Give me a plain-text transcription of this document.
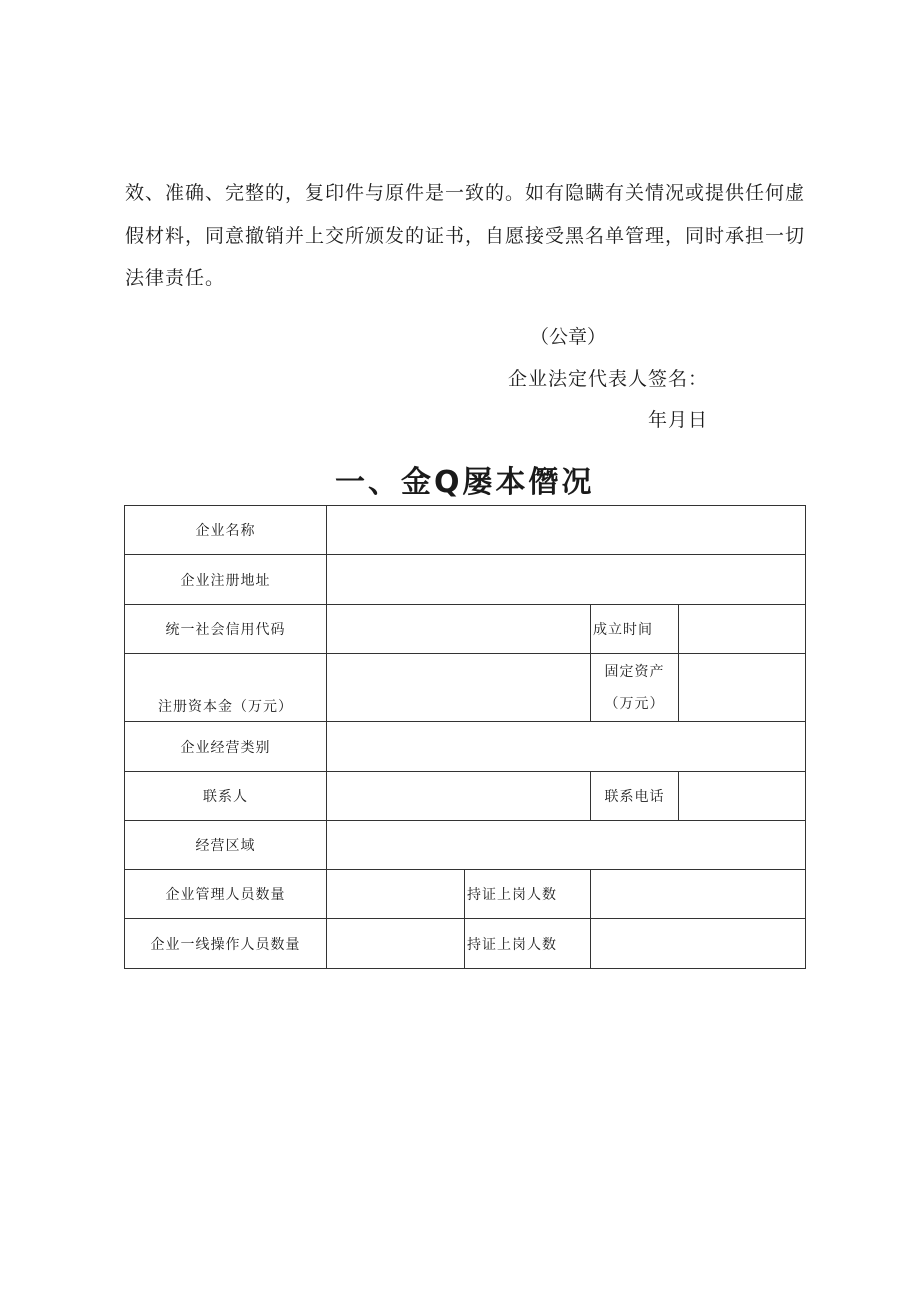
效、准确、完整的，复印件与原件是一致的。如有隐瞒有关情况或提供任何虚
假材料，同意撤销并上交所颁发的证书，自愿接受黑名单管理，同时承担一切
法律责任。
（公章）
企业法定代表人签名：
年月日
一、金Q屡本僭况
企业名称				
企业注册地址				
统一社会信用代码			成立时间	
注册资本金（万元）			固定资产
（万元）	

企业经营类别				
联系人			联系电话	
经营区域				
企业管理人员数量		持证上岗人数		
企业一线操作人员数量		持证上岗人数		
